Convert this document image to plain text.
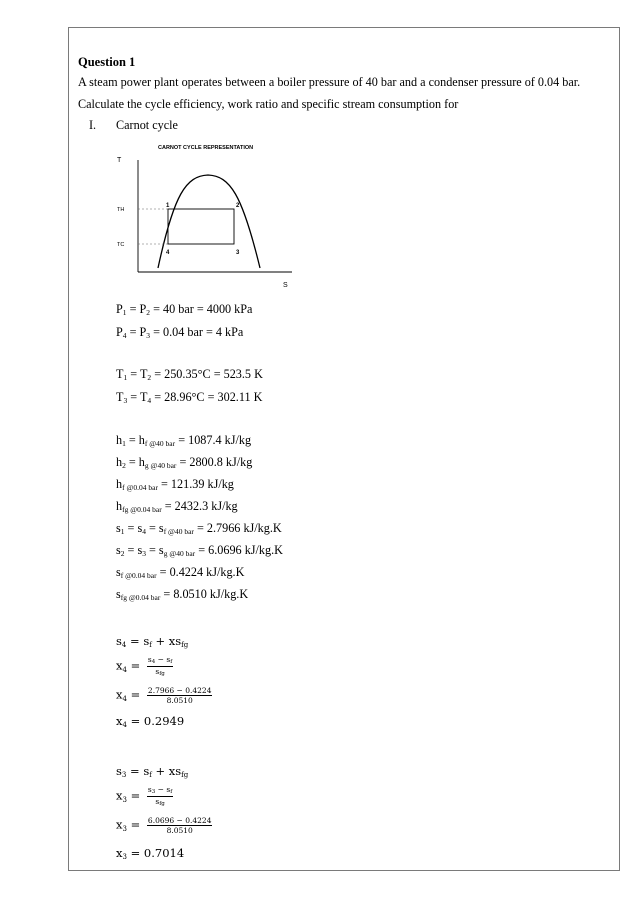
Question 1
A steam power plant operates between a boiler pressure of 40 bar and a condenser pressure of 0.04 bar.
Calculate the cycle efficiency, work ratio and specific stream consumption for
I. Carnot cycle
CARNOT CYCLE REPRESENTATION
T
S
TH
TC
1	2
3
4
$P_1 = P_2 = 40$ bar = 4000 kPa
$P_4 = P_3 = 0.04$ bar = 4 kPa
$T_1 = T_2 = 250.35^\circ C = 523.5$ K
$T_3 = T_4 = 28.96^\circ C = 302.11$ K
$h_1 = h_{f @40 bar} = 1087.4$ kJ/kg
$h_2 = h_{g @40 bar} = 2800.8$ kJ/kg
$h_{f @0.04 bar} = 121.39$ kJ/kg
$h_{fg @0.04 bar} = 2432.3$ kJ/kg
$s_1 = s_4 = s_{f @40 bar} = 2.7966$ kJ/kg.K
$s_2 = s_3 = s_{g @40 bar} = 6.0696$ kJ/kg.K
$s_{f @0.04 bar} = 0.4224$ kJ/kg.K
$s_{fg @0.04 bar} = 8.0510$ kJ/kg.K
$s_4 = s_f + xs_{fg}$
$x_4 = \frac{s_4 - s_f}{s_{fg}}$
$x_4 = \frac{2.7966 - 0.4224}{8.0510}$
$x_4 = 0.2949$
$s_3 = s_f + xs_{fg}$
$x_3 = \frac{s_3 - s_f}{s_{fg}}$
$x_3 = \frac{6.0696 - 0.4224}{8.0510}$
$x_3 = 0.7014$
